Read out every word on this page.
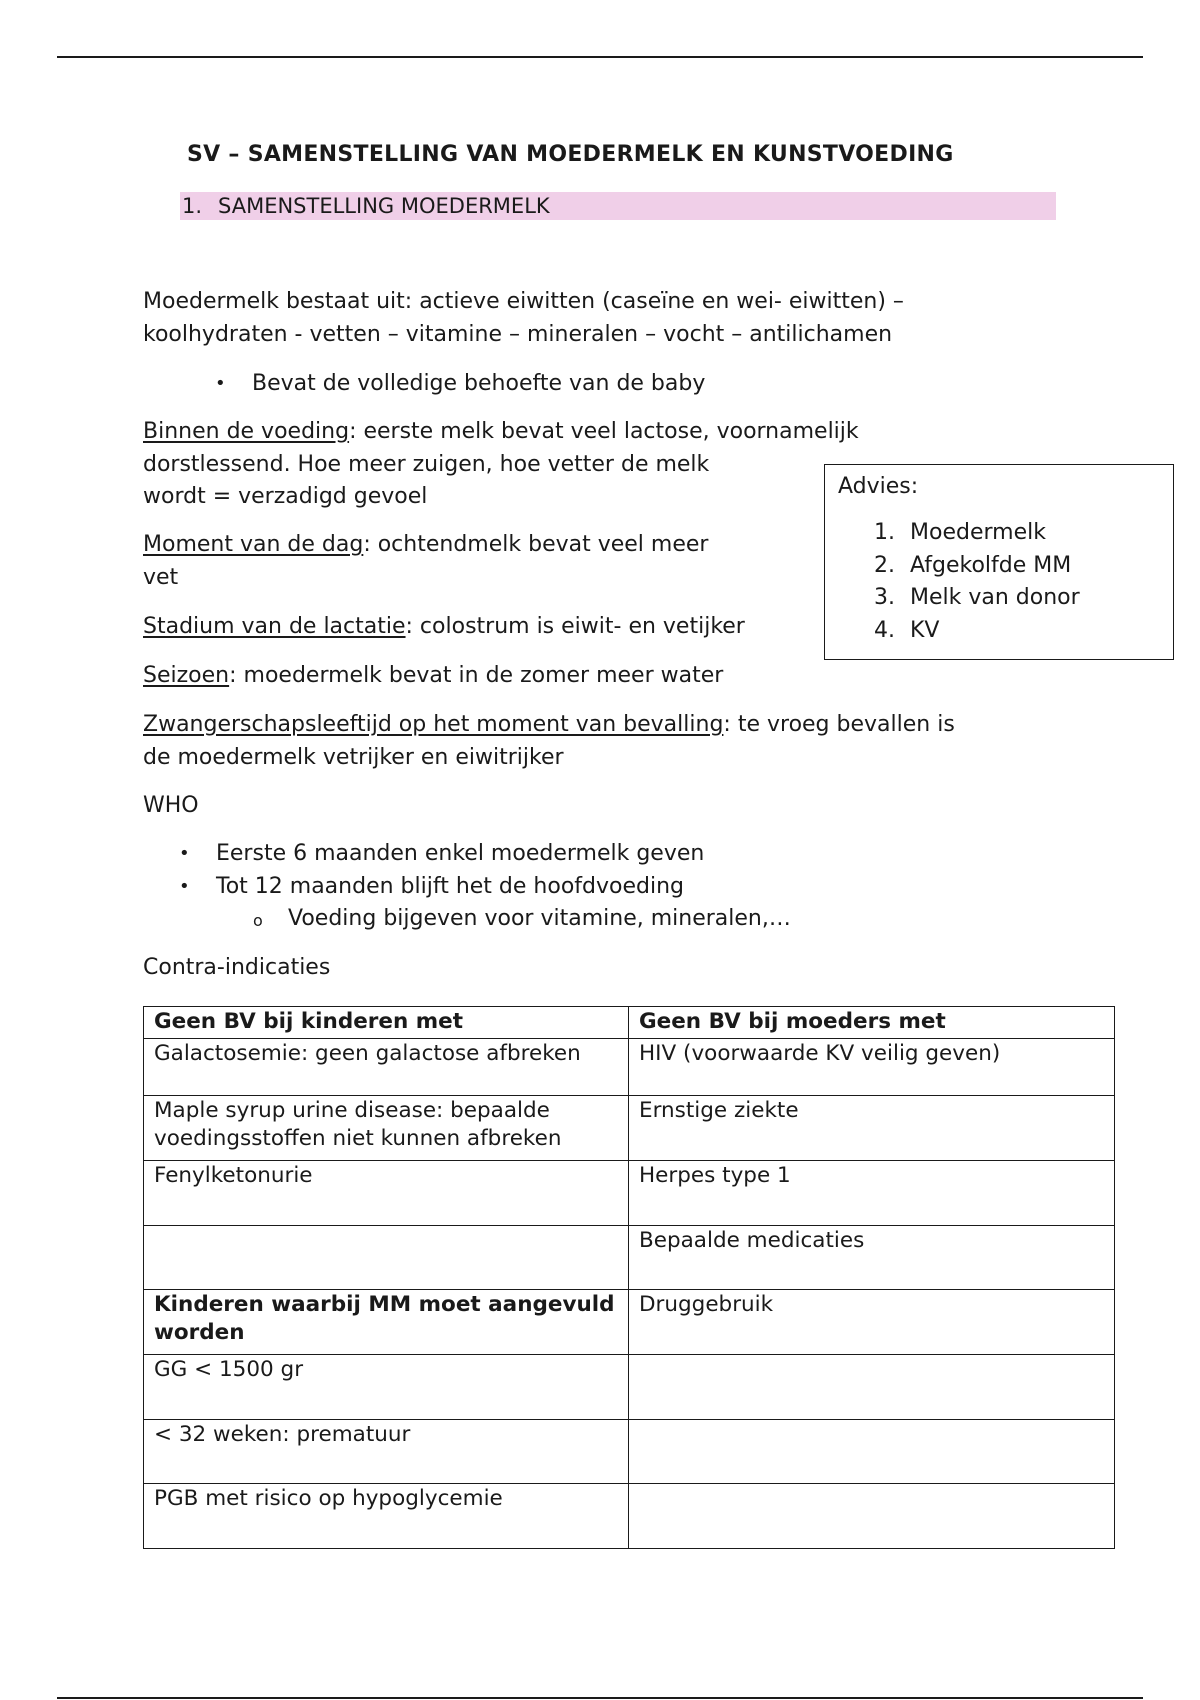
SV – SAMENSTELLING VAN MOEDERMELK EN KUNSTVOEDING
1. SAMENSTELLING MOEDERMELK
Moedermelk bestaat uit: actieve eiwitten (caseïne en wei- eiwitten) –
koolhydraten - vetten – vitamine – mineralen – vocht – antilichamen
• Bevat de volledige behoefte van de baby
Binnen de voeding: eerste melk bevat veel lactose, voornamelijk
dorstlessend. Hoe meer zuigen, hoe vetter de melk
wordt = verzadigd gevoel
Moment van de dag: ochtendmelk bevat veel meer
vet
Stadium van de lactatie: colostrum is eiwit- en vetijker
Seizoen: moedermelk bevat in de zomer meer water
Zwangerschapsleeftijd op het moment van bevalling: te vroeg bevallen is
de moedermelk vetrijker en eiwitrijker
Advies:
1. Moedermelk
2. Afgekolfde MM
3. Melk van donor
4. KV
WHO
• Eerste 6 maanden enkel moedermelk geven
• Tot 12 maanden blijft het de hoofdvoeding
o Voeding bijgeven voor vitamine, mineralen,…
Contra-indicaties
Geen BV bij kinderen met	Geen BV bij moeders met
Galactosemie: geen galactose afbreken	HIV (voorwaarde KV veilig geven)
Maple syrup urine disease: bepaalde voedingsstoffen niet kunnen afbreken	Ernstige ziekte
Fenylketonurie	Herpes type 1
	Bepaalde medicaties
Kinderen waarbij MM moet aangevuld worden	Druggebruik
GG < 1500 gr	
< 32 weken: prematuur	
PGB met risico op hypoglycemie	
